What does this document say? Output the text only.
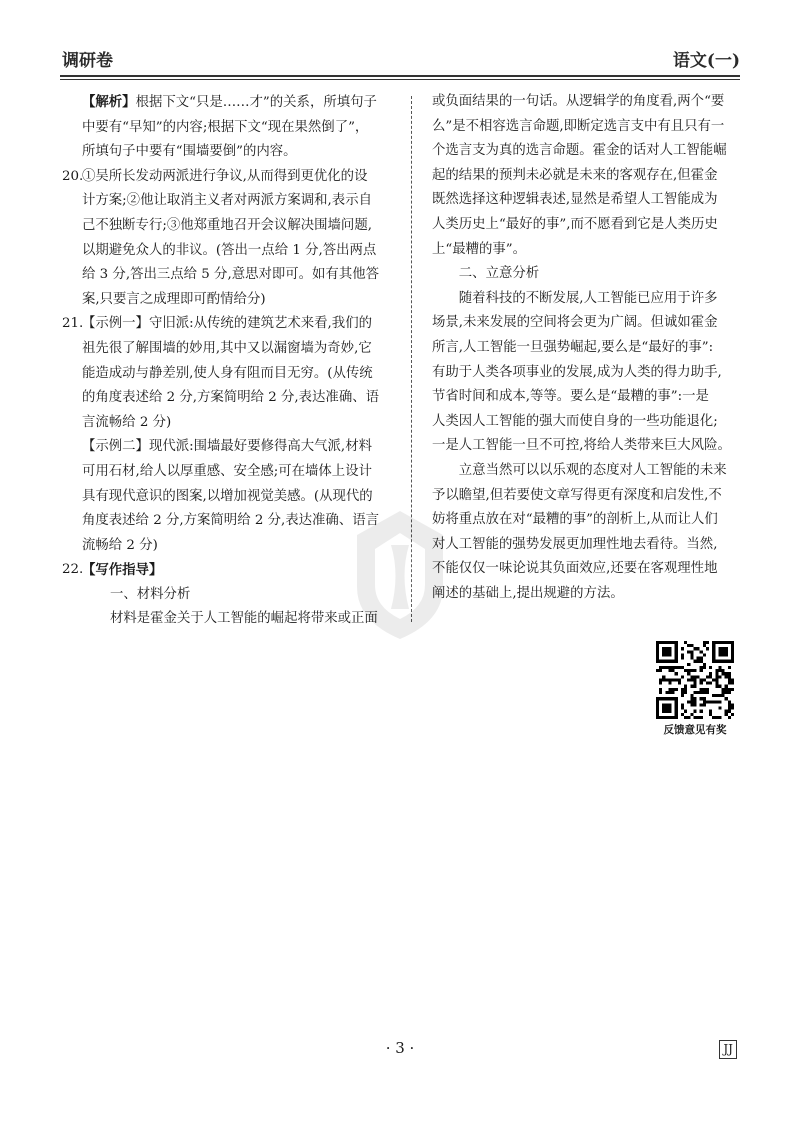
调研卷	语文(一)
【解析】根据下文“只是……才”的关系，所填句子
中要有“早知”的内容;根据下文“现在果然倒了”，
所填句子中要有“围墙要倒”的内容。
20.
①吴所长发动两派进行争议,从而得到更优化的设
计方案;②他让取消主义者对两派方案调和,表示自
己不独断专行;③他郑重地召开会议解决围墙问题,
以期避免众人的非议。(答出一点给 1 分,答出两点
给 3 分,答出三点给 5 分,意思对即可。如有其他答
案,只要言之成理即可酌情给分)
21.
【示例一】守旧派:从传统的建筑艺术来看,我们的
祖先很了解围墙的妙用,其中又以漏窗墙为奇妙,它
能造成动与静差别,使人身有阻而目无穷。(从传统
的角度表述给 2 分,方案简明给 2 分,表达准确、语
言流畅给 2 分)
【示例二】现代派:围墙最好要修得高大气派,材料
可用石材,给人以厚重感、安全感;可在墙体上设计
具有现代意识的图案,以增加视觉美感。(从现代的
角度表述给 2 分,方案简明给 2 分,表达准确、语言
流畅给 2 分)
22.
【写作指导】
一、材料分析
材料是霍金关于人工智能的崛起将带来或正面
或负面结果的一句话。从逻辑学的角度看,两个“要
么”是不相容选言命题,即断定选言支中有且只有一
个选言支为真的选言命题。霍金的话对人工智能崛
起的结果的预判未必就是未来的客观存在,但霍金
既然选择这种逻辑表述,显然是希望人工智能成为
人类历史上“最好的事”,而不愿看到它是人类历史
上“最糟的事”。
二、立意分析
随着科技的不断发展,人工智能已应用于许多
场景,未来发展的空间将会更为广阔。但诚如霍金
所言,人工智能一旦强势崛起,要么是“最好的事”:
有助于人类各项事业的发展,成为人类的得力助手,
节省时间和成本,等等。要么是“最糟的事”:一是
人类因人工智能的强大而使自身的一些功能退化;
一是人工智能一旦不可控,将给人类带来巨大风险。
立意当然可以以乐观的态度对人工智能的未来
予以瞻望,但若要使文章写得更有深度和启发性,不
妨将重点放在对“最糟的事”的剖析上,从而让人们
对人工智能的强势发展更加理性地去看待。当然,
不能仅仅一味论说其负面效应,还要在客观理性地
阐述的基础上,提出规避的方法。
反馈意见有奖
· 3 ·	JJ
